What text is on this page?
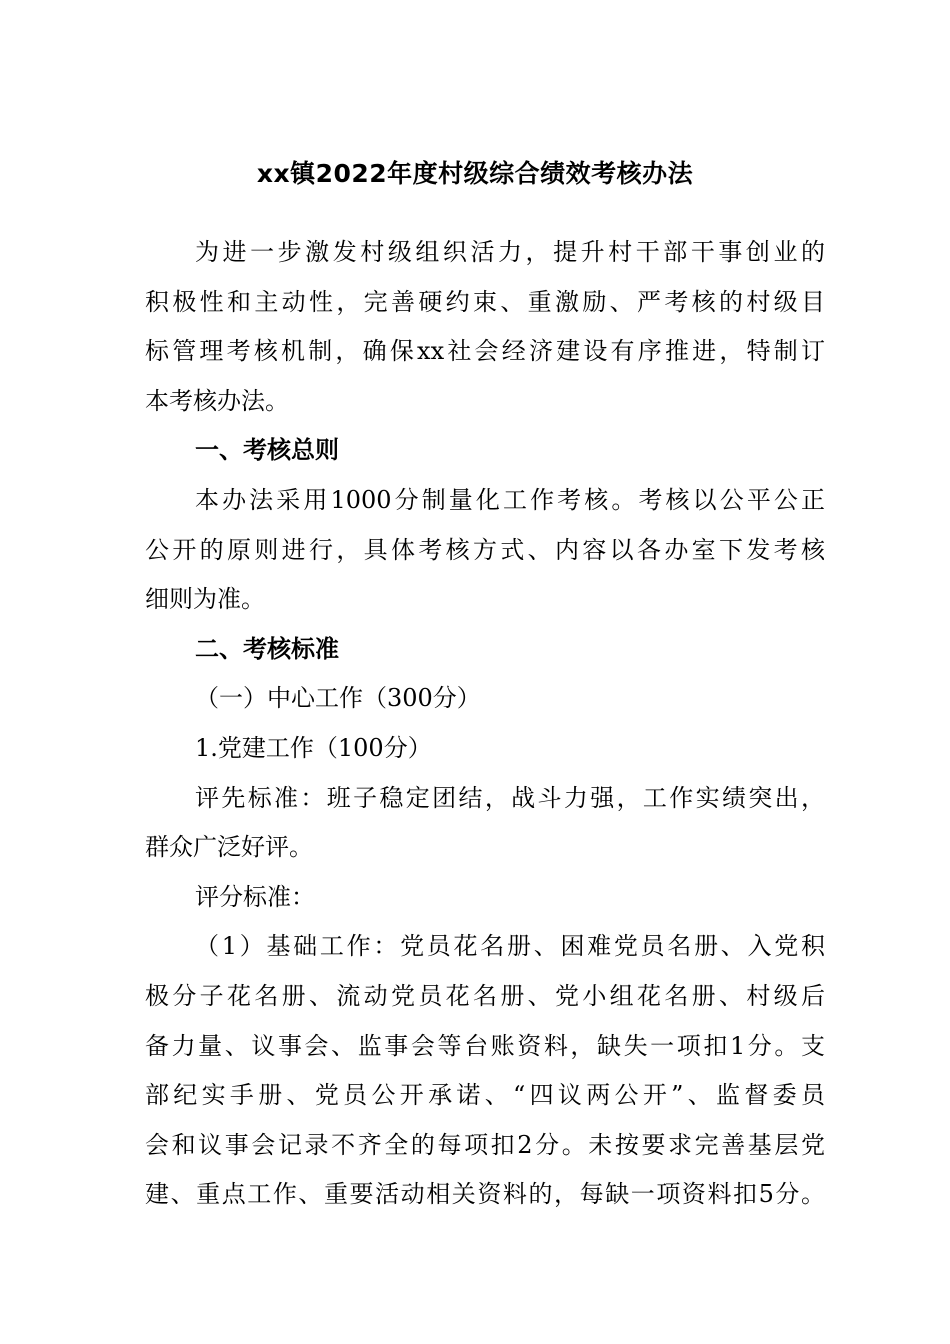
xx镇2022年度村级综合绩效考核办法
为进一步激发村级组织活力，提升村干部干事创业的
积极性和主动性，完善硬约束、重激励、严考核的村级目
标管理考核机制，确保xx社会经济建设有序推进，特制订
本考核办法。
一、考核总则
本办法采用1000分制量化工作考核。考核以公平公正
公开的原则进行，具体考核方式、内容以各办室下发考核
细则为准。
二、考核标准
（一）中心工作（300分）
1.党建工作（100分）
评先标准：班子稳定团结，战斗力强，工作实绩突出，
群众广泛好评。
评分标准：
（1）基础工作：党员花名册、困难党员名册、入党积
极分子花名册、流动党员花名册、党小组花名册、村级后
备力量、议事会、监事会等台账资料，缺失一项扣1分。支
部纪实手册、党员公开承诺、“四议两公开”、监督委员
会和议事会记录不齐全的每项扣2分。未按要求完善基层党
建、重点工作、重要活动相关资料的，每缺一项资料扣5分。
